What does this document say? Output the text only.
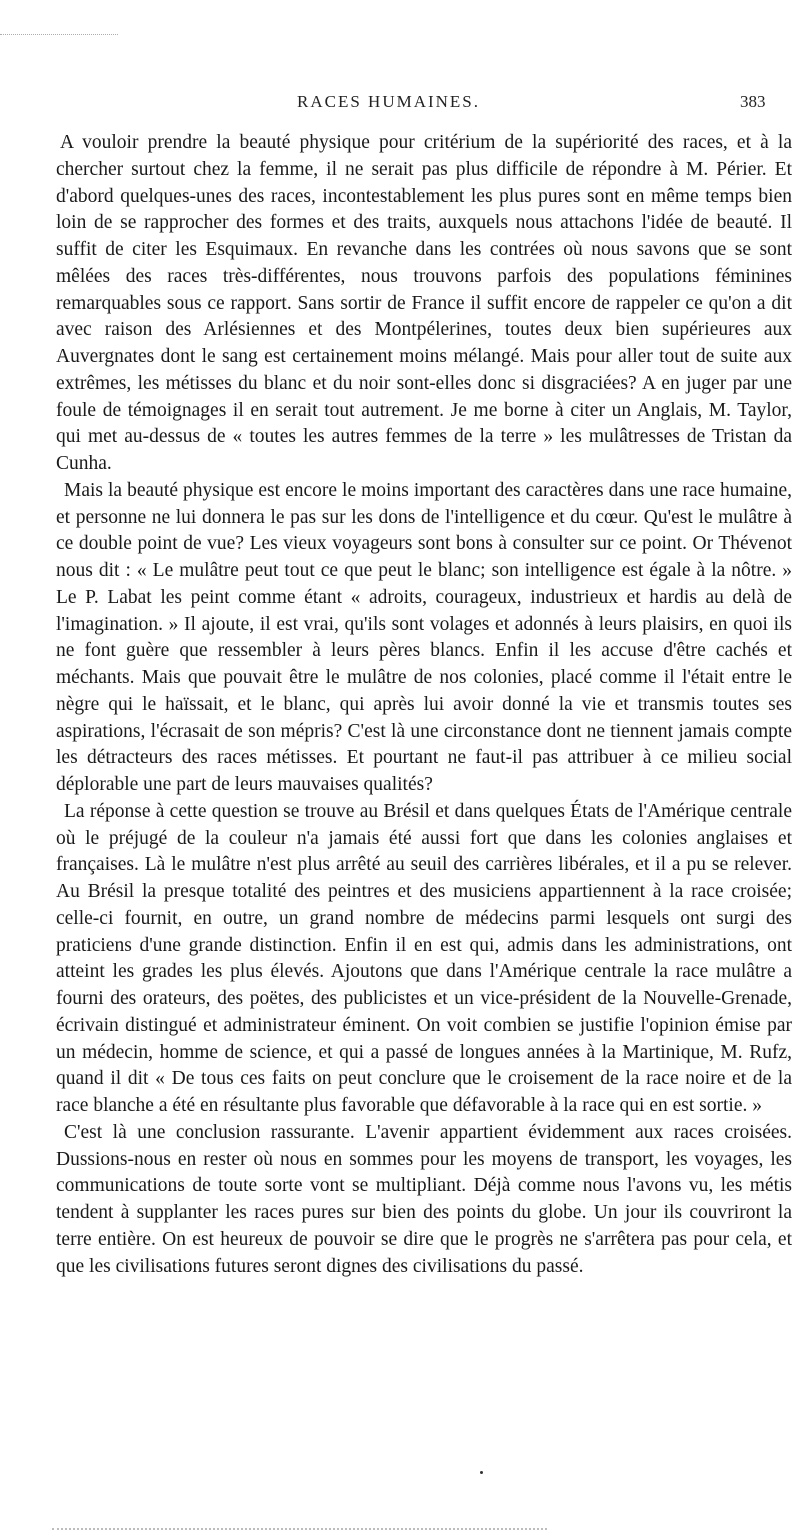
RACES HUMAINES.	383

A vouloir prendre la beauté physique pour critérium de la supériorité des races, et à la chercher surtout chez la femme, il ne serait pas plus difficile de répondre à M. Périer. Et d'abord quelques-unes des races, incontestablement les plus pures sont en même temps bien loin de se rapprocher des formes et des traits, auxquels nous attachons l'idée de beauté. Il suffit de citer les Esquimaux. En revanche dans les contrées où nous savons que se sont mêlées des races très-différentes, nous trouvons parfois des populations féminines remarquables sous ce rapport. Sans sortir de France il suffit encore de rappeler ce qu'on a dit avec raison des Arlésiennes et des Montpélerines, toutes deux bien supérieures aux Auvergnates dont le sang est certainement moins mélangé. Mais pour aller tout de suite aux extrêmes, les métisses du blanc et du noir sont-elles donc si disgraciées? A en juger par une foule de témoignages il en serait tout autrement. Je me borne à citer un Anglais, M. Taylor, qui met au-dessus de « toutes les autres femmes de la terre » les mulâtresses de Tristan da Cunha.

Mais la beauté physique est encore le moins important des caractères dans une race humaine, et personne ne lui donnera le pas sur les dons de l'intelligence et du cœur. Qu'est le mulâtre à ce double point de vue? Les vieux voyageurs sont bons à consulter sur ce point. Or Thévenot nous dit : « Le mulâtre peut tout ce que peut le blanc; son intelligence est égale à la nôtre. » Le P. Labat les peint comme étant « adroits, courageux, industrieux et hardis au delà de l'imagination. » Il ajoute, il est vrai, qu'ils sont volages et adonnés à leurs plaisirs, en quoi ils ne font guère que ressembler à leurs pères blancs. Enfin il les accuse d'être cachés et méchants. Mais que pouvait être le mulâtre de nos colonies, placé comme il l'était entre le nègre qui le haïssait, et le blanc, qui après lui avoir donné la vie et transmis toutes ses aspirations, l'écrasait de son mépris? C'est là une circonstance dont ne tiennent jamais compte les détracteurs des races métisses. Et pourtant ne faut-il pas attribuer à ce milieu social déplorable une part de leurs mauvaises qualités?

La réponse à cette question se trouve au Brésil et dans quelques États de l'Amérique centrale où le préjugé de la couleur n'a jamais été aussi fort que dans les colonies anglaises et françaises. Là le mulâtre n'est plus arrêté au seuil des carrières libérales, et il a pu se relever. Au Brésil la presque totalité des peintres et des musiciens appartiennent à la race croisée; celle-ci fournit, en outre, un grand nombre de médecins parmi lesquels ont surgi des praticiens d'une grande distinction. Enfin il en est qui, admis dans les administrations, ont atteint les grades les plus élevés. Ajoutons que dans l'Amérique centrale la race mulâtre a fourni des orateurs, des poëtes, des publicistes et un vice-président de la Nouvelle-Grenade, écrivain distingué et administrateur éminent. On voit combien se justifie l'opinion émise par un médecin, homme de science, et qui a passé de longues années à la Martinique, M. Rufz, quand il dit « De tous ces faits on peut conclure que le croisement de la race noire et de la race blanche a été en résultante plus favorable que défavorable à la race qui en est sortie. »

C'est là une conclusion rassurante. L'avenir appartient évidemment aux races croisées. Dussions-nous en rester où nous en sommes pour les moyens de transport, les voyages, les communications de toute sorte vont se multipliant. Déjà comme nous l'avons vu, les métis tendent à supplanter les races pures sur bien des points du globe. Un jour ils couvriront la terre entière. On est heureux de pouvoir se dire que le progrès ne s'arrêtera pas pour cela, et que les civilisations futures seront dignes des civilisations du passé.
